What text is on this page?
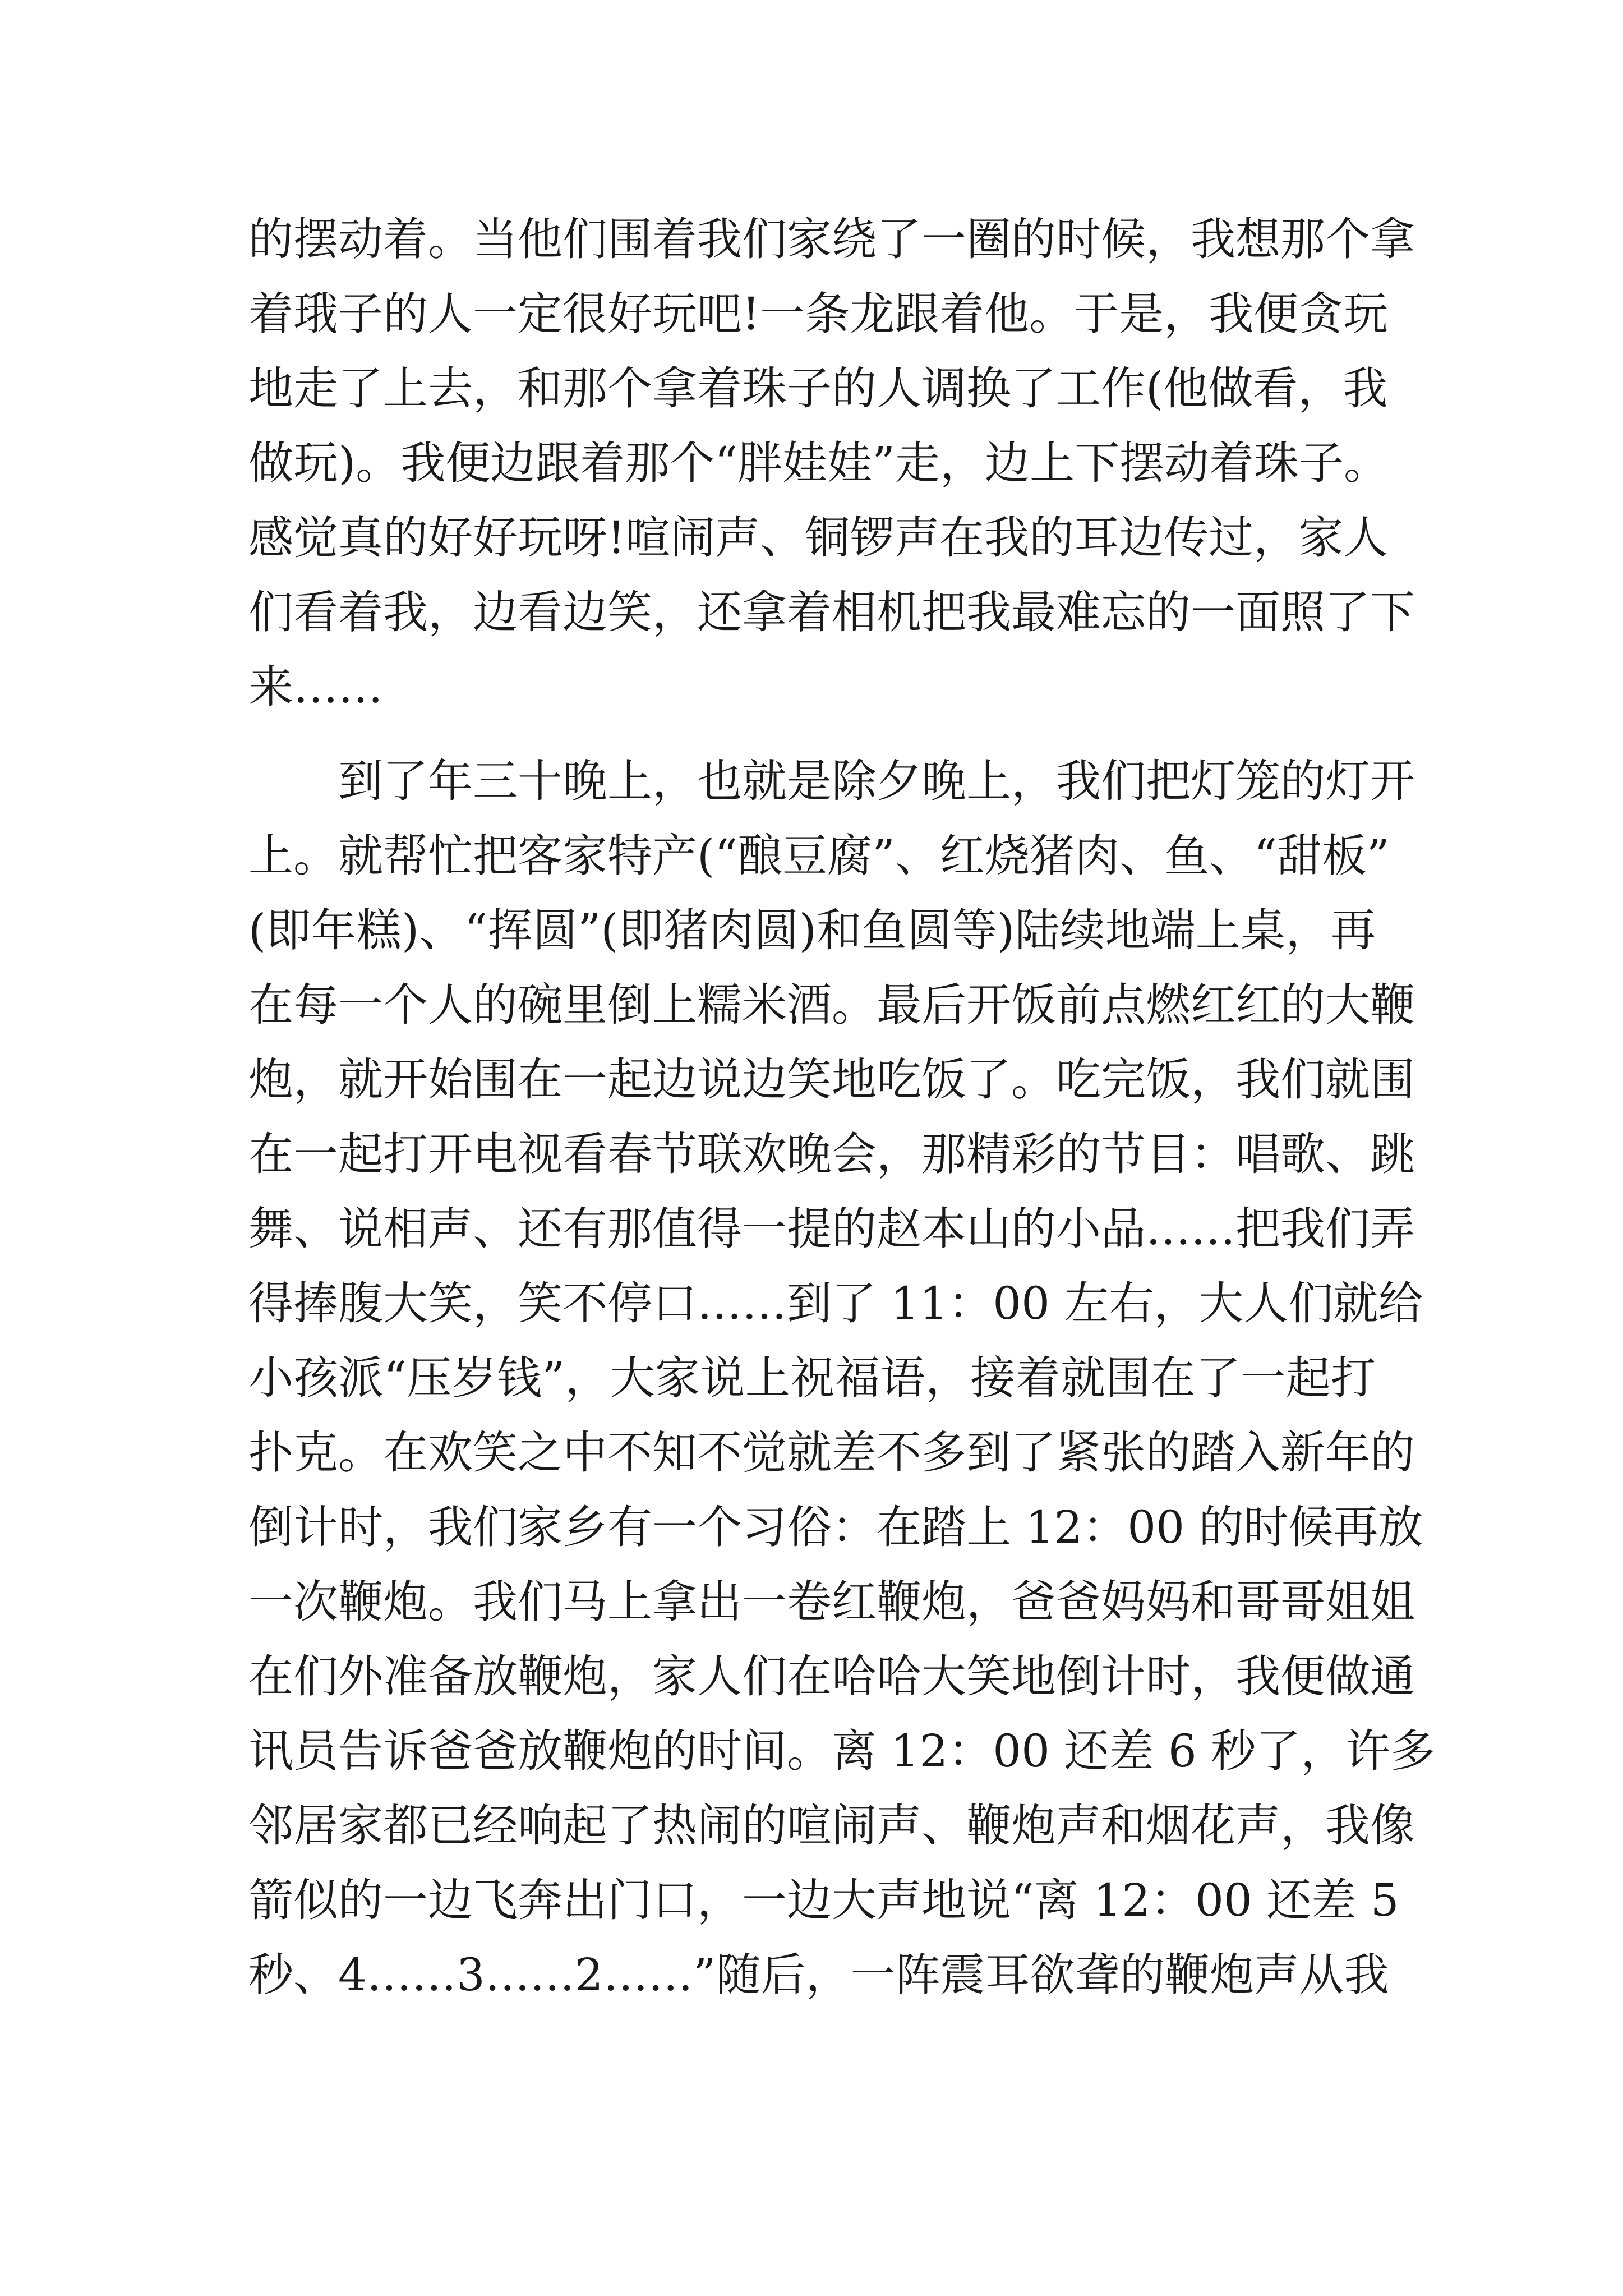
的摆动着。当他们围着我们家绕了一圈的时候，我想那个拿
着珴子的人一定很好玩吧!一条龙跟着他。于是，我便贪玩
地走了上去，和那个拿着珠子的人调换了工作(他做看，我
做玩)。我便边跟着那个“胖娃娃”走，边上下摆动着珠子。
感觉真的好好玩呀!喧闹声、铜锣声在我的耳边传过，家人
们看着我，边看边笑，还拿着相机把我最难忘的一面照了下
来……
到了年三十晚上，也就是除夕晚上，我们把灯笼的灯开
上。就帮忙把客家特产(“酿豆腐”、红烧猪肉、鱼、“甜板”
(即年糕)、“挥圆”(即猪肉圆)和鱼圆等)陆续地端上桌，再
在每一个人的碗里倒上糯米酒。最后开饭前点燃红红的大鞭
炮，就开始围在一起边说边笑地吃饭了。吃完饭，我们就围
在一起打开电视看春节联欢晚会，那精彩的节目：唱歌、跳
舞、说相声、还有那值得一提的赵本山的小品……把我们弄
得捧腹大笑，笑不停口……到了 11：00 左右，大人们就给
小孩派“压岁钱”，大家说上祝福语，接着就围在了一起打
扑克。在欢笑之中不知不觉就差不多到了紧张的踏入新年的
倒计时，我们家乡有一个习俗：在踏上 12：00 的时候再放
一次鞭炮。我们马上拿出一卷红鞭炮，爸爸妈妈和哥哥姐姐
在们外准备放鞭炮，家人们在哈哈大笑地倒计时，我便做通
讯员告诉爸爸放鞭炮的时间。离 12：00 还差 6 秒了，许多
邻居家都已经响起了热闹的喧闹声、鞭炮声和烟花声，我像
箭似的一边飞奔出门口，一边大声地说“离 12：00 还差 5
秒、4……3……2……”随后，一阵震耳欲聋的鞭炮声从我
